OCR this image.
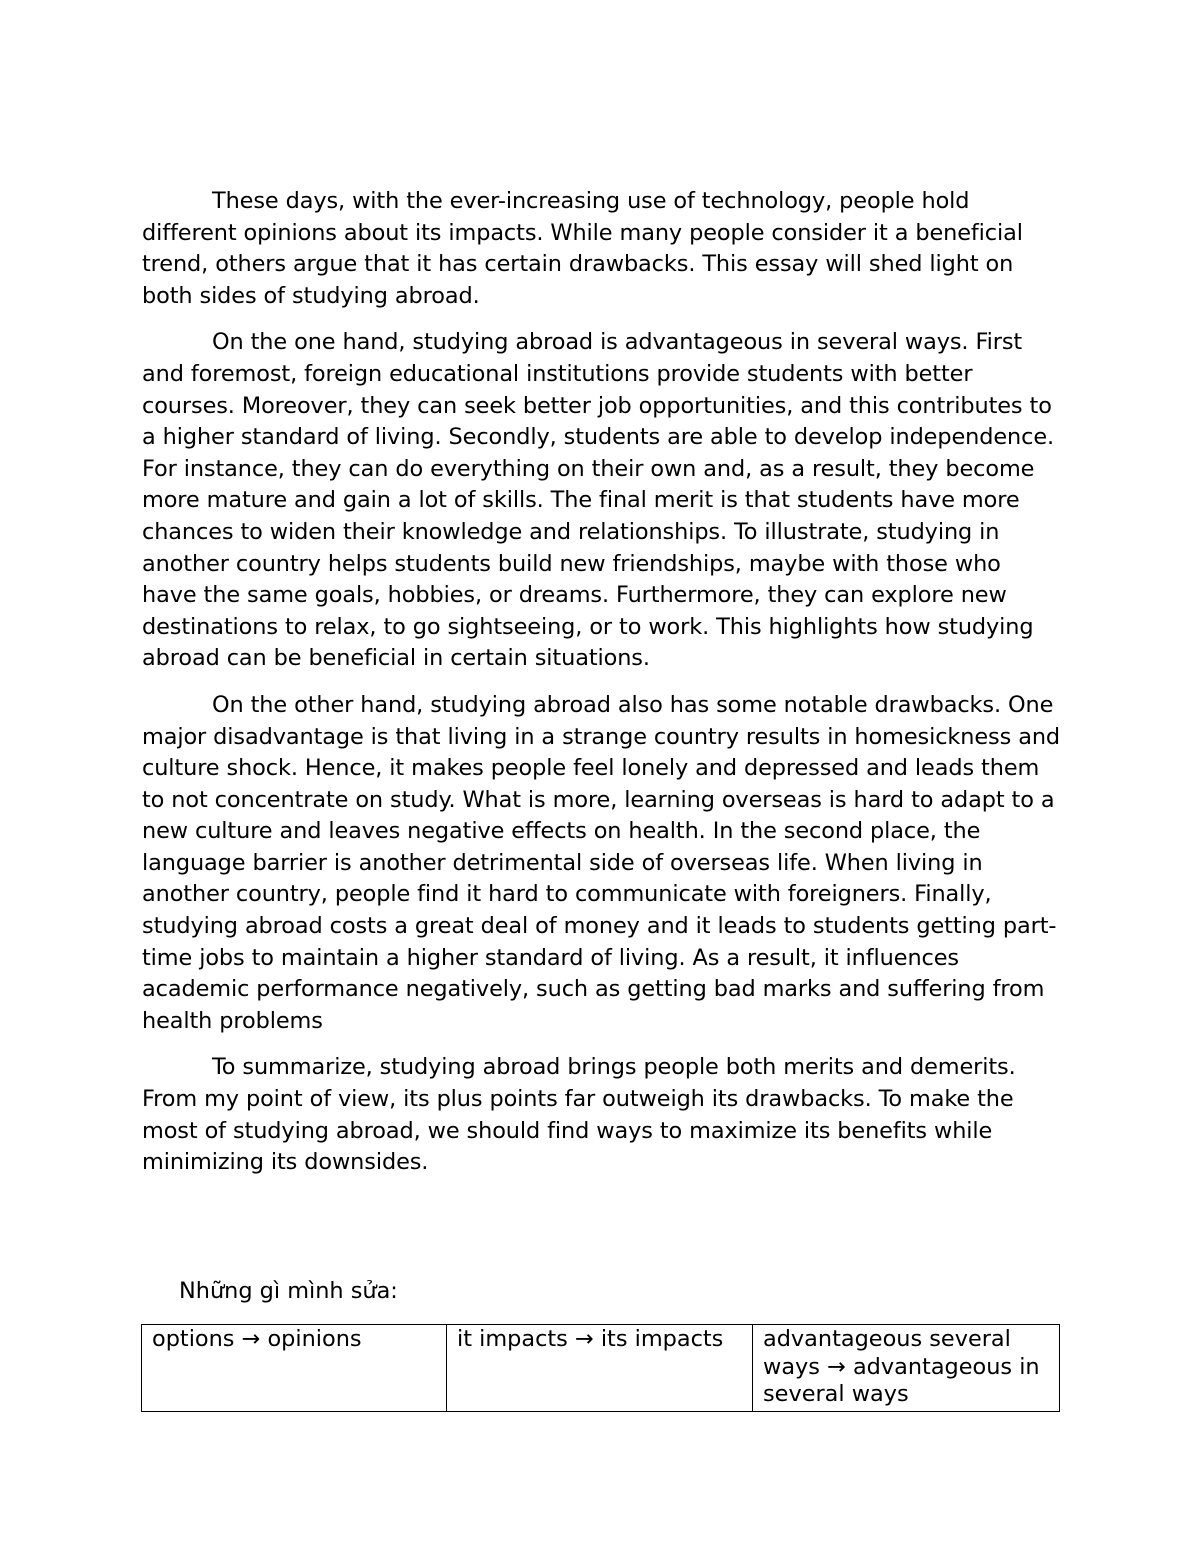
These days, with the ever-increasing use of technology, people hold different opinions about its impacts. While many people consider it a beneficial trend, others argue that it has certain drawbacks. This essay will shed light on both sides of studying abroad.

On the one hand, studying abroad is advantageous in several ways. First and foremost, foreign educational institutions provide students with better courses. Moreover, they can seek better job opportunities, and this contributes to a higher standard of living. Secondly, students are able to develop independence. For instance, they can do everything on their own and, as a result, they become more mature and gain a lot of skills. The final merit is that students have more chances to widen their knowledge and relationships. To illustrate, studying in another country helps students build new friendships, maybe with those who have the same goals, hobbies, or dreams. Furthermore, they can explore new destinations to relax, to go sightseeing, or to work. This highlights how studying abroad can be beneficial in certain situations.

On the other hand, studying abroad also has some notable drawbacks. One major disadvantage is that living in a strange country results in homesickness and culture shock. Hence, it makes people feel lonely and depressed and leads them to not concentrate on study. What is more, learning overseas is hard to adapt to a new culture and leaves negative effects on health. In the second place, the language barrier is another detrimental side of overseas life. When living in another country, people find it hard to communicate with foreigners. Finally, studying abroad costs a great deal of money and it leads to students getting part-time jobs to maintain a higher standard of living. As a result, it influences academic performance negatively, such as getting bad marks and suffering from health problems

To summarize, studying abroad brings people both merits and demerits. From my point of view, its plus points far outweigh its drawbacks. To make the most of studying abroad, we should find ways to maximize its benefits while minimizing its downsides.

Những gì mình sửa:

options → opinions	it impacts → its impacts	advantageous several ways → advantageous in several ways
